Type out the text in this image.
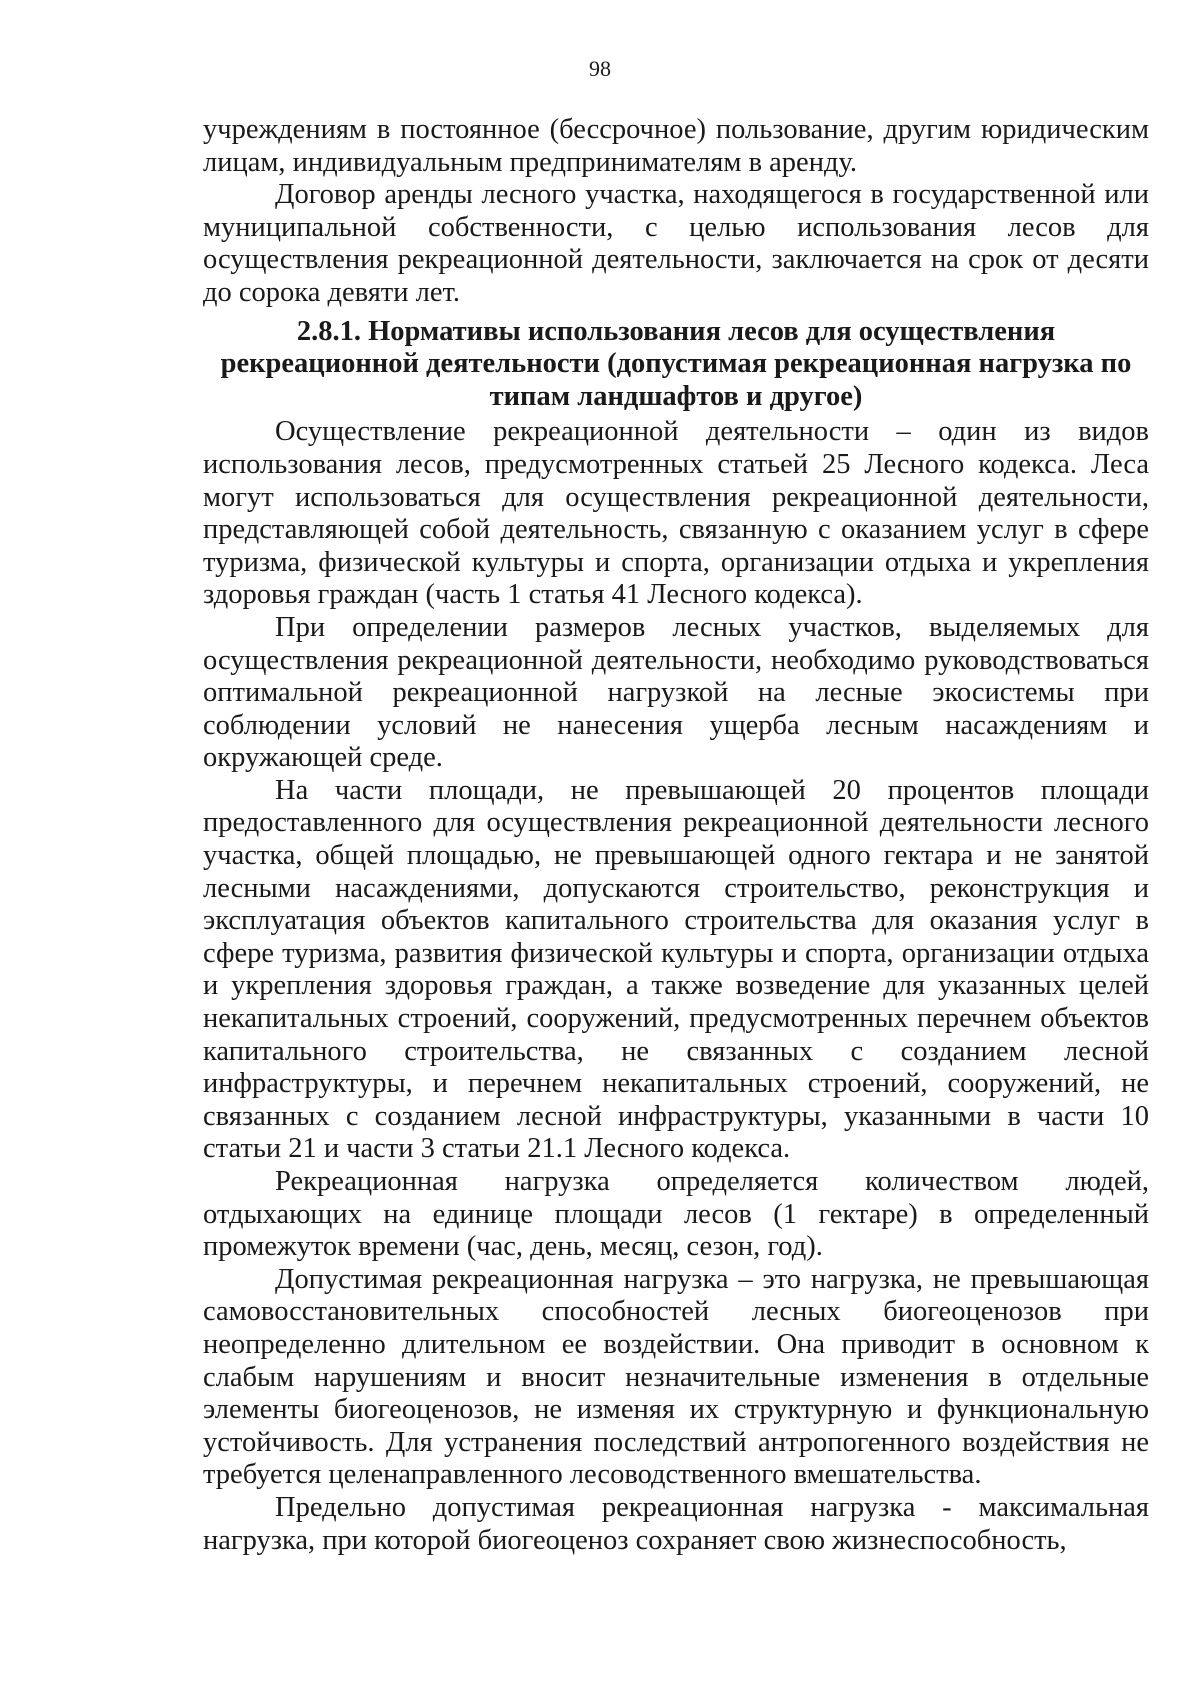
98

учреждениям в постоянное (бессрочное) пользование, другим юридическим лицам, индивидуальным предпринимателям в аренду.

Договор аренды лесного участка, находящегося в государственной или муниципальной собственности, с целью использования лесов для осуществления рекреационной деятельности, заключается на срок от десяти до сорока девяти лет.

2.8.1. Нормативы использования лесов для осуществления
рекреационной деятельности (допустимая рекреационная нагрузка по
типам ландшафтов и другое)

Осуществление рекреационной деятельности – один из видов использования лесов, предусмотренных статьей 25 Лесного кодекса. Леса могут использоваться для осуществления рекреационной деятельности, представляющей собой деятельность, связанную с оказанием услуг в сфере туризма, физической культуры и спорта, организации отдыха и укрепления здоровья граждан (часть 1 статья 41 Лесного кодекса).

При определении размеров лесных участков, выделяемых для осуществления рекреационной деятельности, необходимо руководствоваться оптимальной рекреационной нагрузкой на лесные экосистемы при соблюдении условий не нанесения ущерба лесным насаждениям и окружающей среде.

На части площади, не превышающей 20 процентов площади предоставленного для осуществления рекреационной деятельности лесного участка, общей площадью, не превышающей одного гектара и не занятой лесными насаждениями, допускаются строительство, реконструкция и эксплуатация объектов капитального строительства для оказания услуг в сфере туризма, развития физической культуры и спорта, организации отдыха и укрепления здоровья граждан, а также возведение для указанных целей некапитальных строений, сооружений, предусмотренных перечнем объектов капитального строительства, не связанных с созданием лесной инфраструктуры, и перечнем некапитальных строений, сооружений, не связанных с созданием лесной инфраструктуры, указанными в части 10 статьи 21 и части 3 статьи 21.1 Лесного кодекса.

Рекреационная нагрузка определяется количеством людей, отдыхающих на единице площади лесов (1 гектаре) в определенный промежуток времени (час, день, месяц, сезон, год).

Допустимая рекреационная нагрузка – это нагрузка, не превышающая самовосстановительных способностей лесных биогеоценозов при неопределенно длительном ее воздействии. Она приводит в основном к слабым нарушениям и вносит незначительные изменения в отдельные элементы биогеоценозов, не изменяя их структурную и функциональную устойчивость. Для устранения последствий антропогенного воздействия не требуется целенаправленного лесоводственного вмешательства.

Предельно допустимая рекреационная нагрузка - максимальная нагрузка, при которой биогеоценоз сохраняет свою жизнеспособность,
